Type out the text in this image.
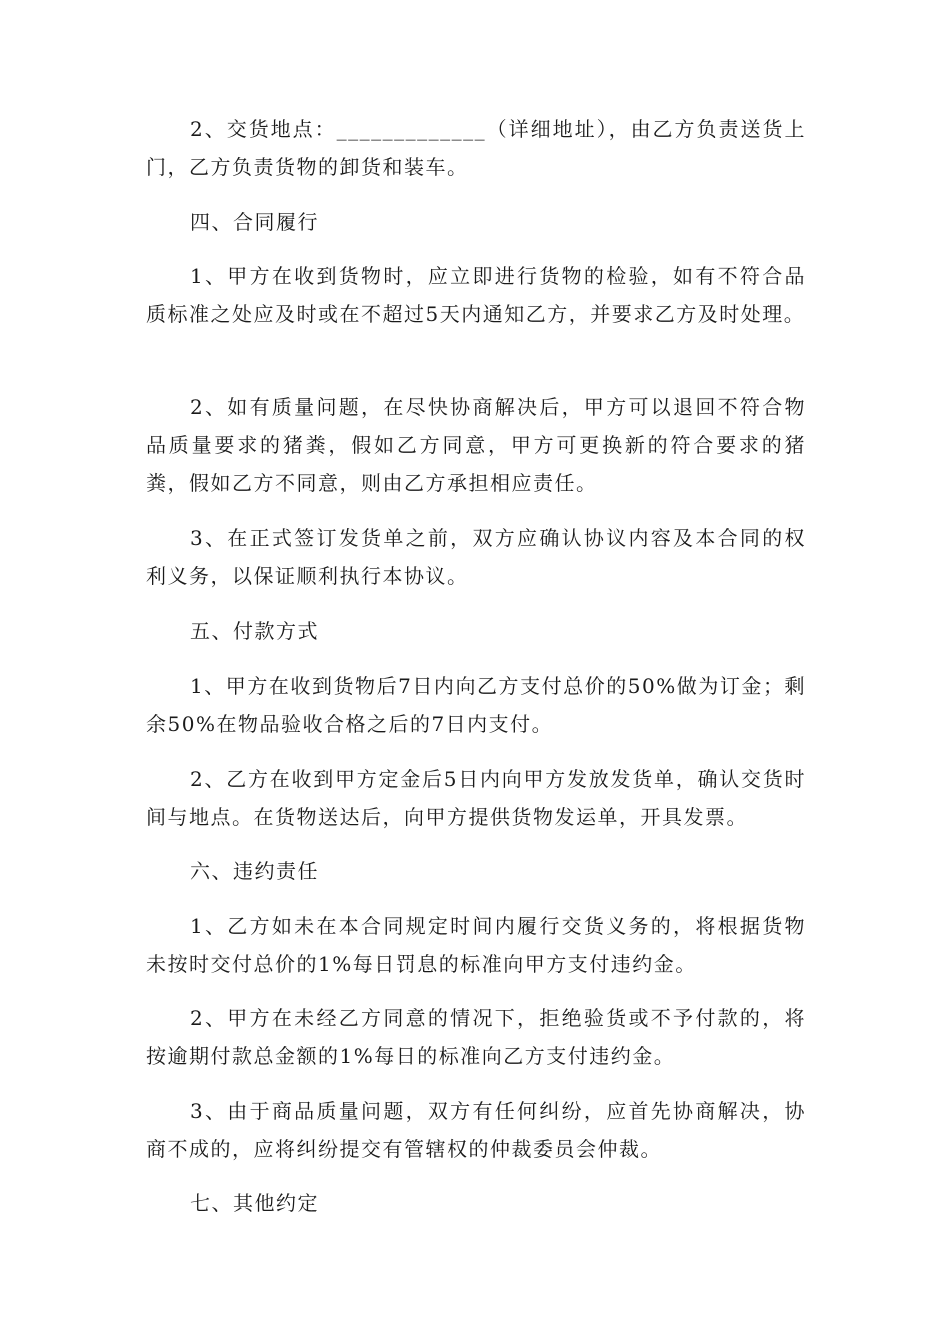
2、交货地点：_____________（详细地址），由乙方负责送货上门，乙方负责货物的卸货和装车。

四、合同履行

1、甲方在收到货物时，应立即进行货物的检验，如有不符合品质标准之处应及时或在不超过5天内通知乙方，并要求乙方及时处理。

2、如有质量问题，在尽快协商解决后，甲方可以退回不符合物品质量要求的猪粪，假如乙方同意，甲方可更换新的符合要求的猪粪，假如乙方不同意，则由乙方承担相应责任。

3、在正式签订发货单之前，双方应确认协议内容及本合同的权利义务，以保证顺利执行本协议。

五、付款方式

1、甲方在收到货物后7日内向乙方支付总价的50%做为订金；剩余50%在物品验收合格之后的7日内支付。

2、乙方在收到甲方定金后5日内向甲方发放发货单，确认交货时间与地点。在货物送达后，向甲方提供货物发运单，开具发票。

六、违约责任

1、乙方如未在本合同规定时间内履行交货义务的，将根据货物未按时交付总价的1%每日罚息的标准向甲方支付违约金。

2、甲方在未经乙方同意的情况下，拒绝验货或不予付款的，将按逾期付款总金额的1%每日的标准向乙方支付违约金。

3、由于商品质量问题，双方有任何纠纷，应首先协商解决，协商不成的，应将纠纷提交有管辖权的仲裁委员会仲裁。

七、其他约定
